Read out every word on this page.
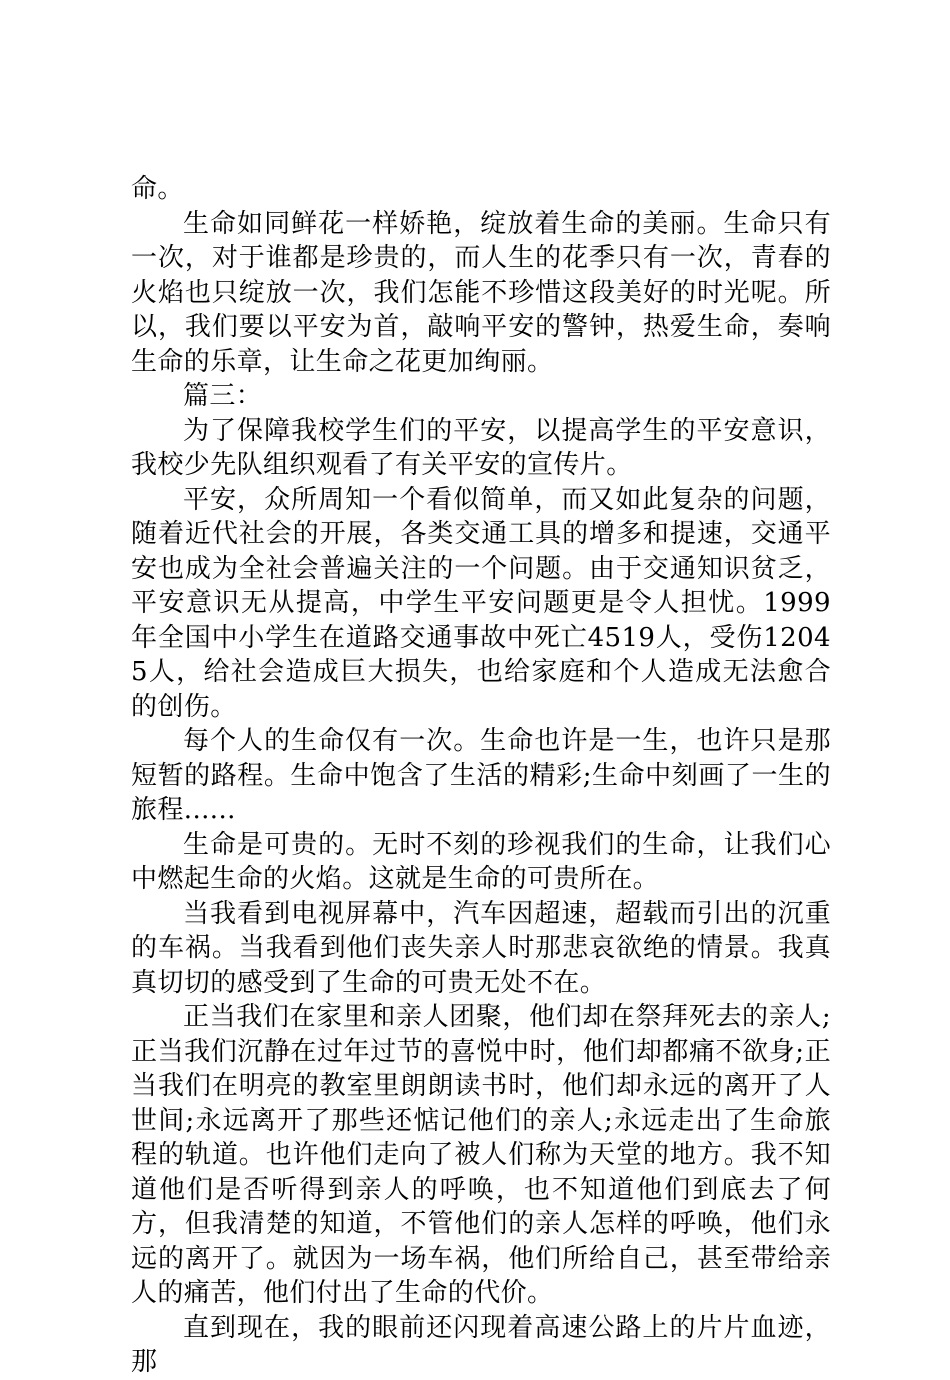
命。

生命如同鲜花一样娇艳，绽放着生命的美丽。生命只有一次，对于谁都是珍贵的，而人生的花季只有一次，青春的火焰也只绽放一次，我们怎能不珍惜这段美好的时光呢。所以，我们要以平安为首，敲响平安的警钟，热爱生命，奏响生命的乐章，让生命之花更加绚丽。

篇三：

为了保障我校学生们的平安，以提高学生的平安意识，我校少先队组织观看了有关平安的宣传片。

平安，众所周知一个看似简单，而又如此复杂的问题，随着近代社会的开展，各类交通工具的增多和提速，交通平安也成为全社会普遍关注的一个问题。由于交通知识贫乏，平安意识无从提高，中学生平安问题更是令人担忧。1999年全国中小学生在道路交通事故中死亡4519人，受伤12045人，给社会造成巨大损失，也给家庭和个人造成无法愈合的创伤。

每个人的生命仅有一次。生命也许是一生，也许只是那短暂的路程。生命中饱含了生活的精彩;生命中刻画了一生的旅程......

生命是可贵的。无时不刻的珍视我们的生命，让我们心中燃起生命的火焰。这就是生命的可贵所在。

当我看到电视屏幕中，汽车因超速，超载而引出的沉重的车祸。当我看到他们丧失亲人时那悲哀欲绝的情景。我真真切切的感受到了生命的可贵无处不在。

正当我们在家里和亲人团聚，他们却在祭拜死去的亲人;正当我们沉静在过年过节的喜悦中时，他们却都痛不欲身;正当我们在明亮的教室里朗朗读书时，他们却永远的离开了人世间;永远离开了那些还惦记他们的亲人;永远走出了生命旅程的轨道。也许他们走向了被人们称为天堂的地方。我不知道他们是否听得到亲人的呼唤，也不知道他们到底去了何方，但我清楚的知道，不管他们的亲人怎样的呼唤，他们永远的离开了。就因为一场车祸，他们所给自己，甚至带给亲人的痛苦，他们付出了生命的代价。

直到现在，我的眼前还闪现着高速公路上的片片血迹，那
